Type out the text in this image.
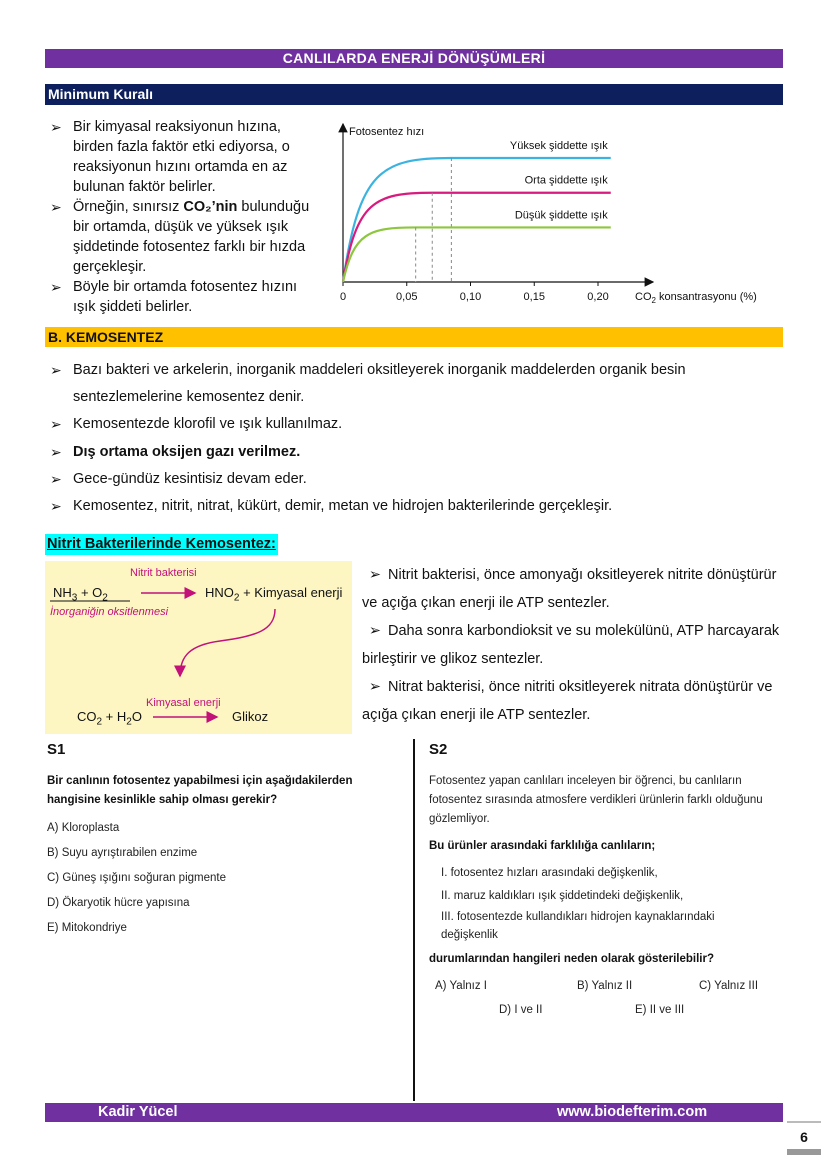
CANLILARDA ENERJİ DÖNÜŞÜMLERİ
Minimum Kuralı
➢ Bir kimyasal reaksiyonun hızına, birden fazla faktör etki ediyorsa, o reaksiyonun hızını ortamda en az bulunan faktör belirler.
➢ Örneğin, sınırsız CO₂’nin bulunduğu bir ortamda, düşük ve yüksek ışık şiddetinde fotosentez farklı bir hızda gerçekleşir.
➢ Böyle bir ortamda fotosentez hızını ışık şiddeti belirler.
Fotosentez hızı
0	0,05	0,10	0,15	0,20 $CO_2$ konsantrasyonu (%)
Yüksek şiddette ışık
Orta şiddette ışık
Düşük şiddette ışık
B. KEMOSENTEZ
➢ Bazı bakteri ve arkelerin, inorganik maddeleri oksitleyerek inorganik maddelerden organik besin sentezlemelerine kemosentez denir.
➢ Kemosentezde klorofil ve ışık kullanılmaz.
➢ Dış ortama oksijen gazı verilmez.
➢ Gece-gündüz kesintisiz devam eder.
➢ Kemosentez, nitrit, nitrat, kükürt, demir, metan ve hidrojen bakterilerinde gerçekleşir.
Nitrit Bakterilerinde Kemosentez:
Nitrit bakterisi
$NH_3 + O_2$	$HNO_2$ + Kimyasal enerji
İnorganiğin oksitlenmesi
Kimyasal enerji
$CO_2 + H_2O$	Glikoz

➢ Nitrit bakterisi, önce amonyağı oksitleyerek nitrite dönüştürür ve açığa çıkan enerji ile ATP sentezler.

➢ Daha sonra karbondioksit ve su molekülünü, ATP harcayarak birleştirir ve glikoz sentezler.

➢ Nitrat bakterisi, önce nitriti oksitleyerek nitrata dönüştürür ve açığa çıkan enerji ile ATP sentezler.

S1
Bir canlının fotosentez yapabilmesi için aşağıdakilerden hangisine kesinlikle sahip olması gerekir?
A) Kloroplasta
B) Suyu ayrıştırabilen enzime
C) Güneş ışığını soğuran pigmente
D) Ökaryotik hücre yapısına
E) Mitokondriye
S2
Fotosentez yapan canlıları inceleyen bir öğrenci, bu canlıların fotosentez sırasında atmosfere verdikleri ürünlerin farklı olduğunu gözlemliyor.
Bu ürünler arasındaki farklılığa canlıların;
I. fotosentez hızları arasındaki değişkenlik,
II. maruz kaldıkları ışık şiddetindeki değişkenlik,
III. fotosentezde kullandıkları hidrojen kaynaklarındaki değişkenlik
durumlarından hangileri neden olarak gösterilebilir?
A) Yalnız I	B) Yalnız II	C) Yalnız III
D) I ve II	E) II ve III
Kadir Yücel	www.biodefterim.com
6
